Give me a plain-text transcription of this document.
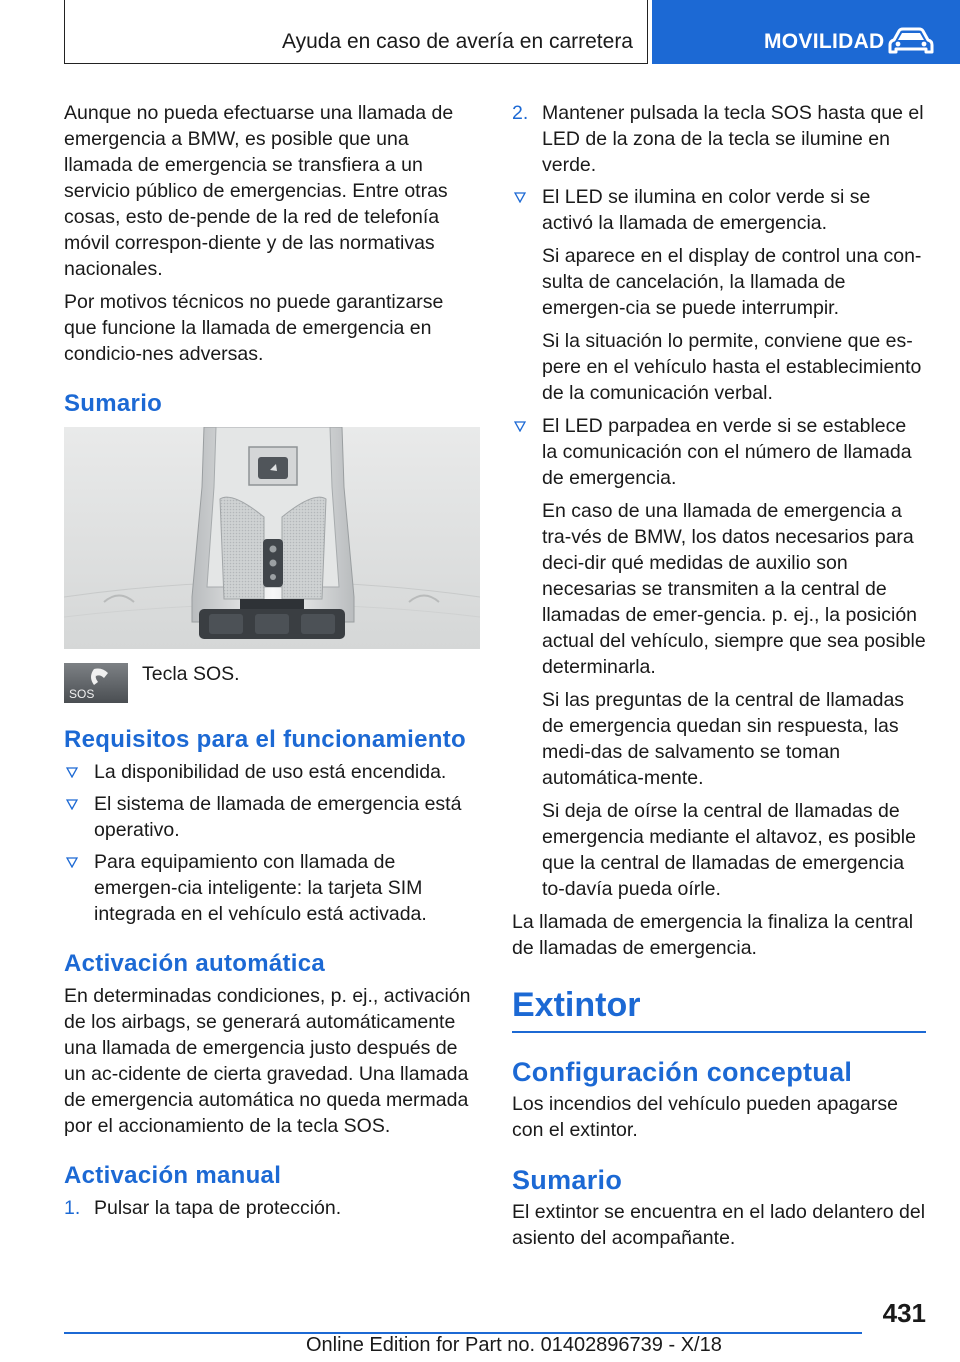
Ayuda en caso de avería en carretera	MOVILIDAD

Aunque no pueda efectuarse una llamada de emergencia a BMW, es posible que una llamada de emergencia se transfiera a un servicio público de emergencias. Entre otras cosas, esto de-pende de la red de telefonía móvil correspon-diente y de las normativas nacionales.

Por motivos técnicos no puede garantizarse que funcione la llamada de emergencia en condicio-nes adversas.

Sumario
SOS
Tecla SOS.
Requisitos para el funcionamiento
La disponibilidad de uso está encendida.
El sistema de llamada de emergencia está operativo.
Para equipamiento con llamada de emergen-cia inteligente: la tarjeta SIM integrada en el vehículo está activada.
Activación automática

En determinadas condiciones, p. ej., activación de los airbags, se generará automáticamente una llamada de emergencia justo después de un ac-cidente de cierta gravedad. Una llamada de emergencia automática no queda mermada por el accionamiento de la tecla SOS.

Activación manual
1. Pulsar la tapa de protección.
2. Mantener pulsada la tecla SOS hasta que el LED de la zona de la tecla se ilumine en verde.

El LED se ilumina en color verde si se activó la llamada de emergencia.

Si aparece en el display de control una con-sulta de cancelación, la llamada de emergen-cia se puede interrumpir.

Si la situación lo permite, conviene que es-pere en el vehículo hasta el establecimiento de la comunicación verbal.

El LED parpadea en verde si se establece la comunicación con el número de llamada de emergencia.

En caso de una llamada de emergencia a tra-vés de BMW, los datos necesarios para deci-dir qué medidas de auxilio son necesarias se transmiten a la central de llamadas de emer-gencia. p. ej., la posición actual del vehículo, siempre que sea posible determinarla.

Si las preguntas de la central de llamadas de emergencia quedan sin respuesta, las medi-das de salvamento se toman automática-mente.

Si deja de oírse la central de llamadas de emergencia mediante el altavoz, es posible que la central de llamadas de emergencia to-davía pueda oírle.

La llamada de emergencia la finaliza la central de llamadas de emergencia.

Extintor
Configuración conceptual

Los incendios del vehículo pueden apagarse con el extintor.

Sumario

El extintor se encuentra en el lado delantero del asiento del acompañante.

431
Online Edition for Part no. 01402896739 - X/18
